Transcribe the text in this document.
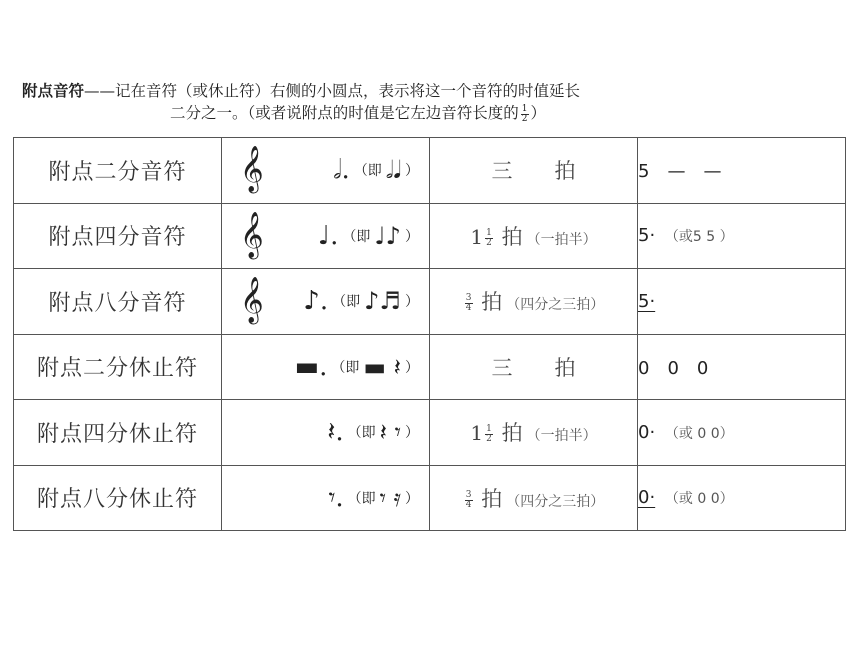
附点音符——记在音符（或休止符）右侧的小圆点，表示将这一个音符的时值延长
二分之一。（或者说附点的时值是它左边音符长度的 $\frac{1}{2}$ ）
附点二分音符	𝄞 𝅗𝅥. （即 𝅗𝅥𝅘𝅥 ）	三　　拍	5　—　—
附点四分音符	𝄞 ♩. （即 ♩♪ ）	$1 \frac{1}{2}$ 拍 （一拍半）	5· （或5 5 ）
附点八分音符	𝄞 ♪. （即 ♪♬ ）	$\frac{3}{4}$ 拍 （四分之三拍）	5·
附点二分休止符	▬. （即 ▬ 𝄽 ）	三　　拍	0　0　0
附点四分休止符	𝄽. （即 𝄽 𝄾 ）	$1 \frac{1}{2}$ 拍 （一拍半）	0· （或 0 0）
附点八分休止符	𝄾. （即 𝄾 𝄿 ）	$\frac{3}{4}$ 拍 （四分之三拍）	0· （或 0 0）
